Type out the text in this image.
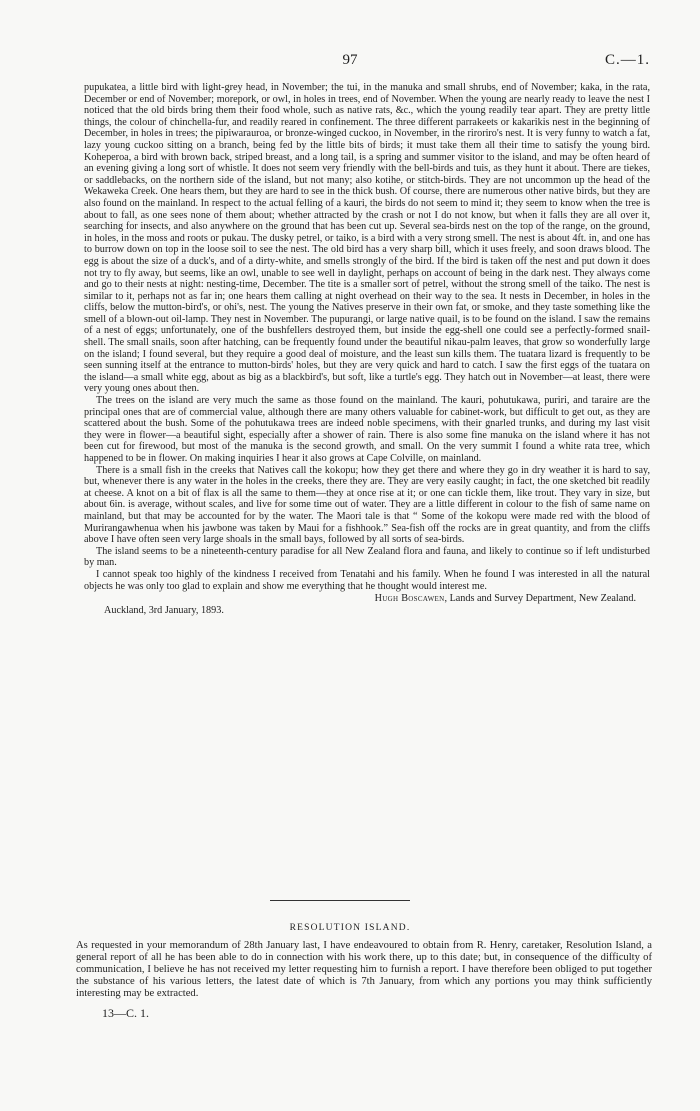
97	C.—1.

pupukatea, a little bird with light-grey head, in November; the tui, in the manuka and small shrubs, end of November; kaka, in the rata, December or end of November; morepork, or owl, in holes in trees, end of November. When the young are nearly ready to leave the nest I noticed that the old birds bring them their food whole, such as native rats, &c., which the young readily tear apart. They are pretty little things, the colour of chinchella-fur, and readily reared in confinement. The three different parrakeets or kakarikis nest in the beginning of December, in holes in trees; the pipiwarauroa, or bronze-winged cuckoo, in November, in the riroriro's nest. It is very funny to watch a fat, lazy young cuckoo sitting on a branch, being fed by the little bits of birds; it must take them all their time to satisfy the young bird. Koheperoa, a bird with brown back, striped breast, and a long tail, is a spring and summer visitor to the island, and may be often heard of an evening giving a long sort of whistle. It does not seem very friendly with the bell-birds and tuis, as they hunt it about. There are tiekes, or saddlebacks, on the northern side of the island, but not many; also kotihe, or stitch-birds. They are not uncommon up the head of the Wekaweka Creek. One hears them, but they are hard to see in the thick bush. Of course, there are numerous other native birds, but they are also found on the mainland. In respect to the actual felling of a kauri, the birds do not seem to mind it; they seem to know when the tree is about to fall, as one sees none of them about; whether attracted by the crash or not I do not know, but when it falls they are all over it, searching for insects, and also anywhere on the ground that has been cut up. Several sea-birds nest on the top of the range, on the ground, in holes, in the moss and roots or pukau. The dusky petrel, or taiko, is a bird with a very strong smell. The nest is about 4ft. in, and one has to burrow down on top in the loose soil to see the nest. The old bird has a very sharp bill, which it uses freely, and soon draws blood. The egg is about the size of a duck's, and of a dirty-white, and smells strongly of the bird. If the bird is taken off the nest and put down it does not try to fly away, but seems, like an owl, unable to see well in daylight, perhaps on account of being in the dark nest. They always come and go to their nests at night: nesting-time, December. The tite is a smaller sort of petrel, without the strong smell of the taiko. The nest is similar to it, perhaps not as far in; one hears them calling at night overhead on their way to the sea. It nests in December, in holes in the cliffs, below the mutton-bird's, or ohi's, nest. The young the Natives preserve in their own fat, or smoke, and they taste something like the smell of a blown-out oil-lamp. They nest in November. The pupurangi, or large native quail, is to be found on the island. I saw the remains of a nest of eggs; unfortunately, one of the bushfellers destroyed them, but inside the egg-shell one could see a perfectly-formed snail-shell. The small snails, soon after hatching, can be frequently found under the beautiful nikau-palm leaves, that grow so wonderfully large on the island; I found several, but they require a good deal of moisture, and the least sun kills them. The tuatara lizard is frequently to be seen sunning itself at the entrance to mutton-birds' holes, but they are very quick and hard to catch. I saw the first eggs of the tuatara on the island—a small white egg, about as big as a blackbird's, but soft, like a turtle's egg. They hatch out in November—at least, there were very young ones about then.

The trees on the island are very much the same as those found on the mainland. The kauri, pohutukawa, puriri, and taraire are the principal ones that are of commercial value, although there are many others valuable for cabinet-work, but difficult to get out, as they are scattered about the bush. Some of the pohutukawa trees are indeed noble specimens, with their gnarled trunks, and during my last visit they were in flower—a beautiful sight, especially after a shower of rain. There is also some fine manuka on the island where it has not been cut for firewood, but most of the manuka is the second growth, and small. On the very summit I found a white rata tree, which happened to be in flower. On making inquiries I hear it also grows at Cape Colville, on mainland.

There is a small fish in the creeks that Natives call the kokopu; how they get there and where they go in dry weather it is hard to say, but, whenever there is any water in the holes in the creeks, there they are. They are very easily caught; in fact, the one sketched bit readily at cheese. A knot on a bit of flax is all the same to them—they at once rise at it; or one can tickle them, like trout. They vary in size, but about 6in. is average, without scales, and live for some time out of water. They are a little different in colour to the fish of same name on mainland, but that may be accounted for by the water. The Maori tale is that “ Some of the kokopu were made red with the blood of Murirangawhenua when his jawbone was taken by Maui for a fishhook.” Sea-fish off the rocks are in great quantity, and from the cliffs above I have often seen very large shoals in the small bays, followed by all sorts of sea-birds.

The island seems to be a nineteenth-century paradise for all New Zealand flora and fauna, and likely to continue so if left undisturbed by man.

I cannot speak too highly of the kindness I received from Tenatahi and his family. When he found I was interested in all the natural objects he was only too glad to explain and show me everything that he thought would interest me.

Hugh Boscawen, Lands and Survey Department, New Zealand.
Auckland, 3rd January, 1893.
RESOLUTION ISLAND.

As requested in your memorandum of 28th January last, I have endeavoured to obtain from R. Henry, caretaker, Resolution Island, a general report of all he has been able to do in connection with his work there, up to this date; but, in consequence of the difficulty of communication, I believe he has not received my letter requesting him to furnish a report. I have therefore been obliged to put together the substance of his various letters, the latest date of which is 7th January, from which any portions you may think sufficiently interesting may be extracted.

13—C. 1.
